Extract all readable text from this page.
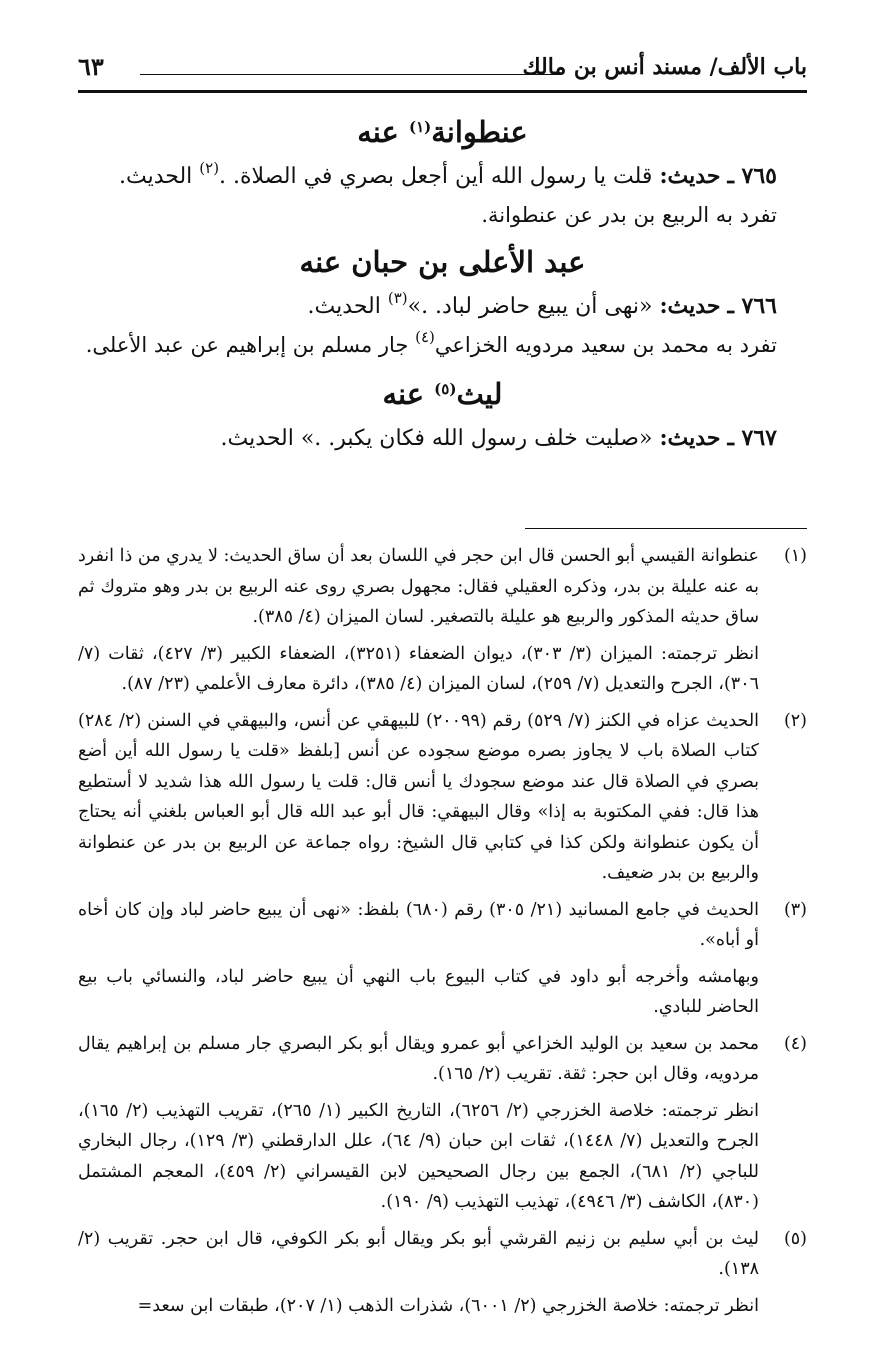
باب الألف/ مسند أنس بن مالك
٦٣
عنطوانة$^{(١)}$ عنه

٧٦٥ ـ حديث: قلت يا رسول الله أين أجعل بصري في الصلاة. .$^{(٢)}$ الحديث.

تفرد به الربيع بن بدر عن عنطوانة.

عبد الأعلى بن حبان عنه

٧٦٦ ـ حديث: «نهى أن يبيع حاضر لباد. .»$^{(٣)}$ الحديث.

تفرد به محمد بن سعيد مردويه الخزاعي$^{(٤)}$ جار مسلم بن إبراهيم عن عبد الأعلى.

ليث$^{(٥)}$ عنه

٧٦٧ ـ حديث: «صليت خلف رسول الله فكان يكبر. .» الحديث.

(١)

عنطوانة القيسي أبو الحسن قال ابن حجر في اللسان بعد أن ساق الحديث: لا يدري من ذا انفرد به عنه عليلة بن بدر، وذكره العقيلي فقال: مجهول بصري روى عنه الربيع بن بدر وهو متروك ثم ساق حديثه المذكور والربيع هو عليلة بالتصغير. لسان الميزان (٤/ ٣٨٥).

انظر ترجمته: الميزان (٣/ ٣٠٣)، ديوان الضعفاء (٣٢٥١)، الضعفاء الكبير (٣/ ٤٢٧)، ثقات (٧/ ٣٠٦)، الجرح والتعديل (٧/ ٢٥٩)، لسان الميزان (٤/ ٣٨٥)، دائرة معارف الأعلمي (٢٣/ ٨٧).

(٢)

الحديث عزاه في الكنز (٧/ ٥٢٩) رقم (٢٠٠٩٩) للبيهقي عن أنس، والبيهقي في السنن (٢/ ٢٨٤) كتاب الصلاة باب لا يجاوز بصره موضع سجوده عن أنس [بلفظ «قلت يا رسول الله أين أضع بصري في الصلاة قال عند موضع سجودك يا أنس قال: قلت يا رسول الله هذا شديد لا أستطيع هذا قال: ففي المكتوبة به إذا» وقال البيهقي: قال أبو عبد الله قال أبو العباس بلغني أنه يحتاج أن يكون عنطوانة ولكن كذا في كتابي قال الشيخ: رواه جماعة عن الربيع بن بدر عن عنطوانة والربيع بن بدر ضعيف.

(٣)

الحديث في جامع المسانيد (٢١/ ٣٠٥) رقم (٦٨٠) بلفظ: «نهى أن يبيع حاضر لباد وإن كان أخاه أو أباه».

وبهامشه وأخرجه أبو داود في كتاب البيوع باب النهي أن يبيع حاضر لباد، والنسائي باب بيع الحاضر للبادي.

(٤)

محمد بن سعيد بن الوليد الخزاعي أبو عمرو ويقال أبو بكر البصري جار مسلم بن إبراهيم يقال مردويه، وقال ابن حجر: ثقة. تقريب (٢/ ١٦٥).

انظر ترجمته: خلاصة الخزرجي (٢/ ٦٢٥٦)، التاريخ الكبير (١/ ٢٦٥)، تقريب التهذيب (٢/ ١٦٥)، الجرح والتعديل (٧/ ١٤٤٨)، ثقات ابن حبان (٩/ ٦٤)، علل الدارقطني (٣/ ١٢٩)، رجال البخاري للباجي (٢/ ٦٨١)، الجمع بين رجال الصحيحين لابن القيسراني (٢/ ٤٥٩)، المعجم المشتمل (٨٣٠)، الكاشف (٣/ ٤٩٤٦)، تهذيب التهذيب (٩/ ١٩٠).

(٥)

ليث بن أبي سليم بن زنيم القرشي أبو بكر ويقال أبو بكر الكوفي، قال ابن حجر. تقريب (٢/ ١٣٨).

انظر ترجمته: خلاصة الخزرجي (٢/ ٦٠٠١)، شذرات الذهب (١/ ٢٠٧)، طبقات ابن سعد=
